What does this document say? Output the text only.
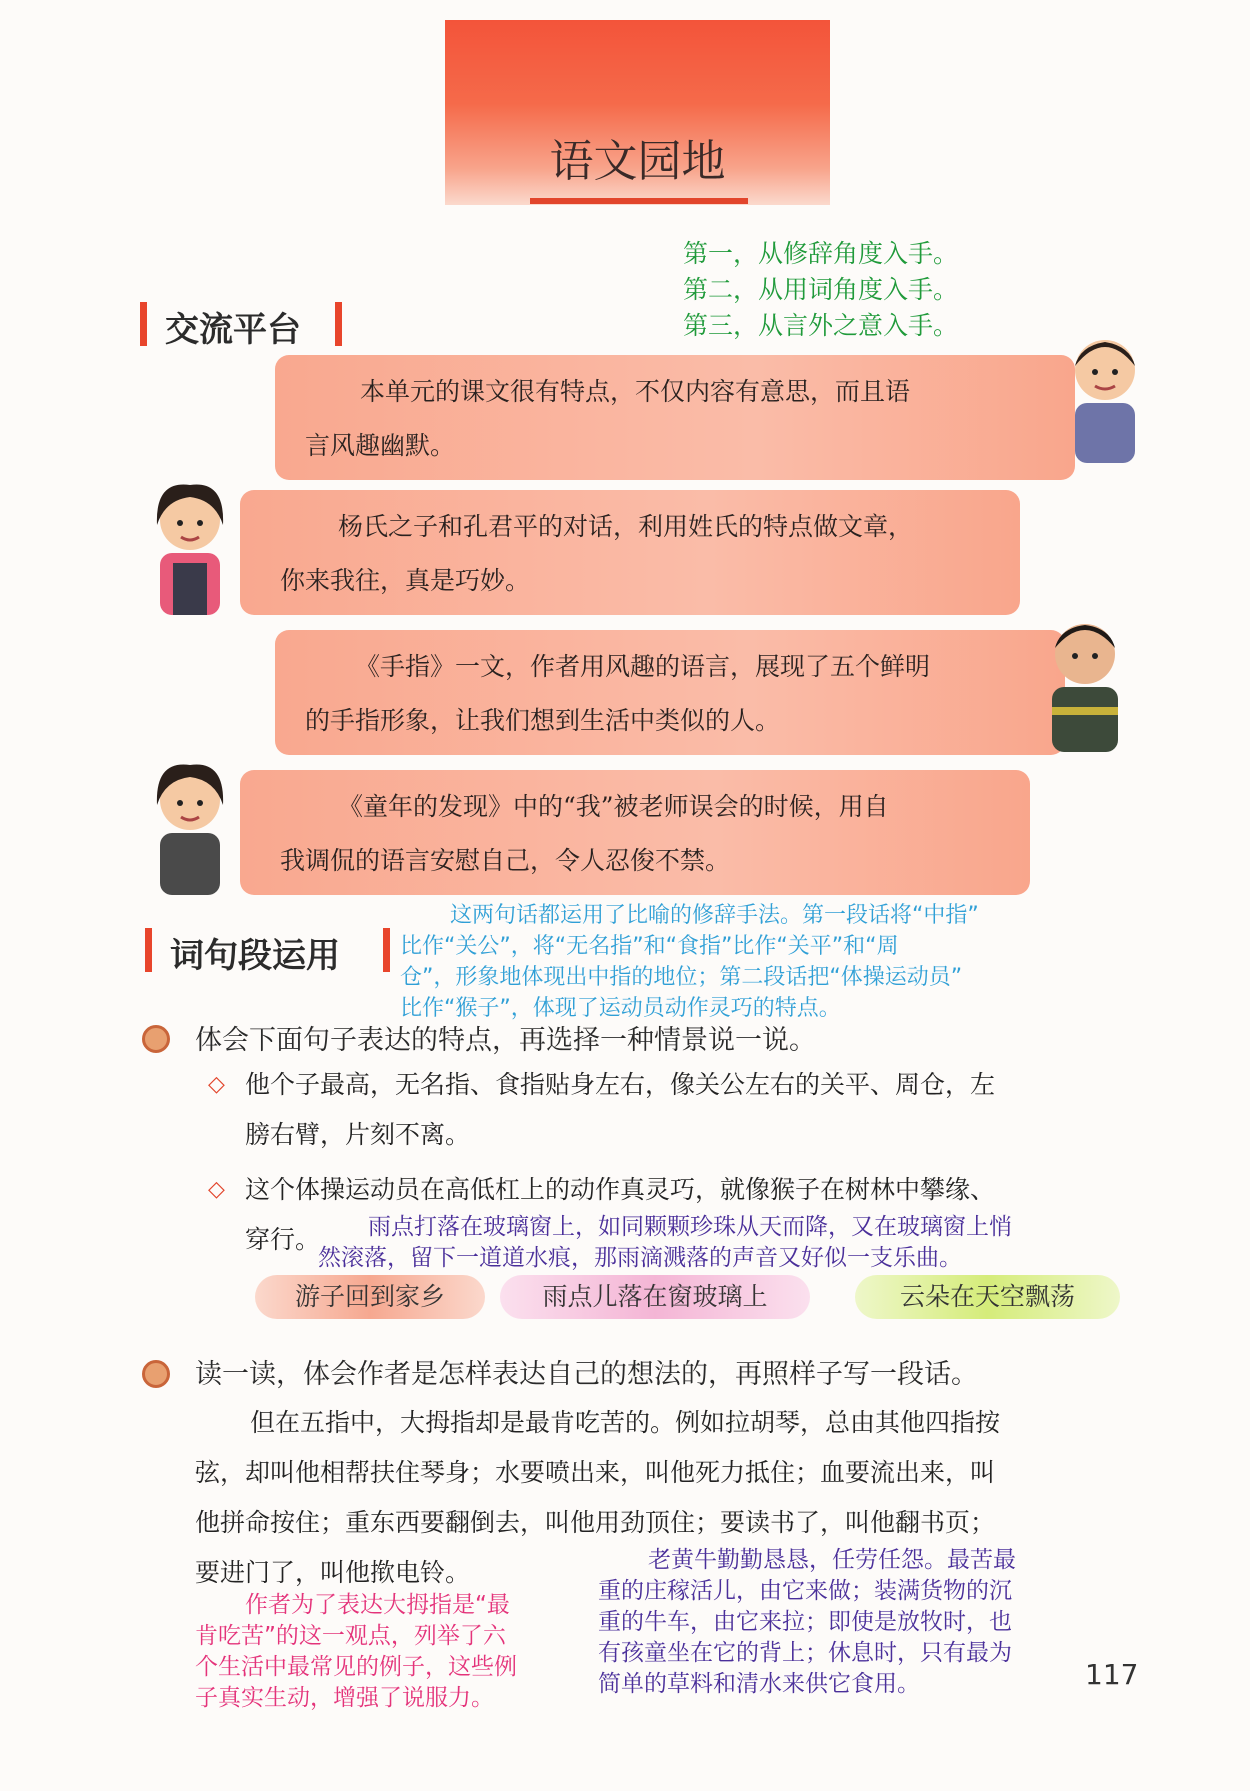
语文园地
第一，从修辞角度入手。
第二，从用词角度入手。
第三，从言外之意入手。
交流平台
本单元的课文很有特点，不仅内容有意思，而且语
言风趣幽默。
杨氏之子和孔君平的对话，利用姓氏的特点做文章，
你来我往，真是巧妙。
《手指》一文，作者用风趣的语言，展现了五个鲜明
的手指形象，让我们想到生活中类似的人。
《童年的发现》中的“我”被老师误会的时候，用自
我调侃的语言安慰自己，令人忍俊不禁。
词句段运用
这两句话都运用了比喻的修辞手法。第一段话将“中指”
比作“关公”，将“无名指”和“食指”比作“关平”和“周
仓”，形象地体现出中指的地位；第二段话把“体操运动员”
比作“猴子”，体现了运动员动作灵巧的特点。
体会下面句子表达的特点，再选择一种情景说一说。
◇ 他个子最高，无名指、食指贴身左右，像关公左右的关平、周仓，左
膀右臂，片刻不离。
◇ 这个体操运动员在高低杠上的动作真灵巧，就像猴子在树林中攀缘、
穿行。	雨点打落在玻璃窗上，如同颗颗珍珠从天而降，又在玻璃窗上悄
然滚落，留下一道道水痕，那雨滴溅落的声音又好似一支乐曲。
游子回到家乡	雨点儿落在窗玻璃上	云朵在天空飘荡
读一读，体会作者是怎样表达自己的想法的，再照样子写一段话。
但在五指中，大拇指却是最肯吃苦的。例如拉胡琴，总由其他四指按
弦，却叫他相帮扶住琴身；水要喷出来，叫他死力抵住；血要流出来，叫
他拼命按住；重东西要翻倒去，叫他用劲顶住；要读书了，叫他翻书页；
要进门了，叫他揿电铃。
作者为了表达大拇指是“最
肯吃苦”的这一观点，列举了六
个生活中最常见的例子，这些例
子真实生动，增强了说服力。
老黄牛勤勤恳恳，任劳任怨。最苦最
重的庄稼活儿，由它来做；装满货物的沉
重的牛车，由它来拉；即使是放牧时，也
有孩童坐在它的背上；休息时，只有最为
简单的草料和清水来供它食用。	117
